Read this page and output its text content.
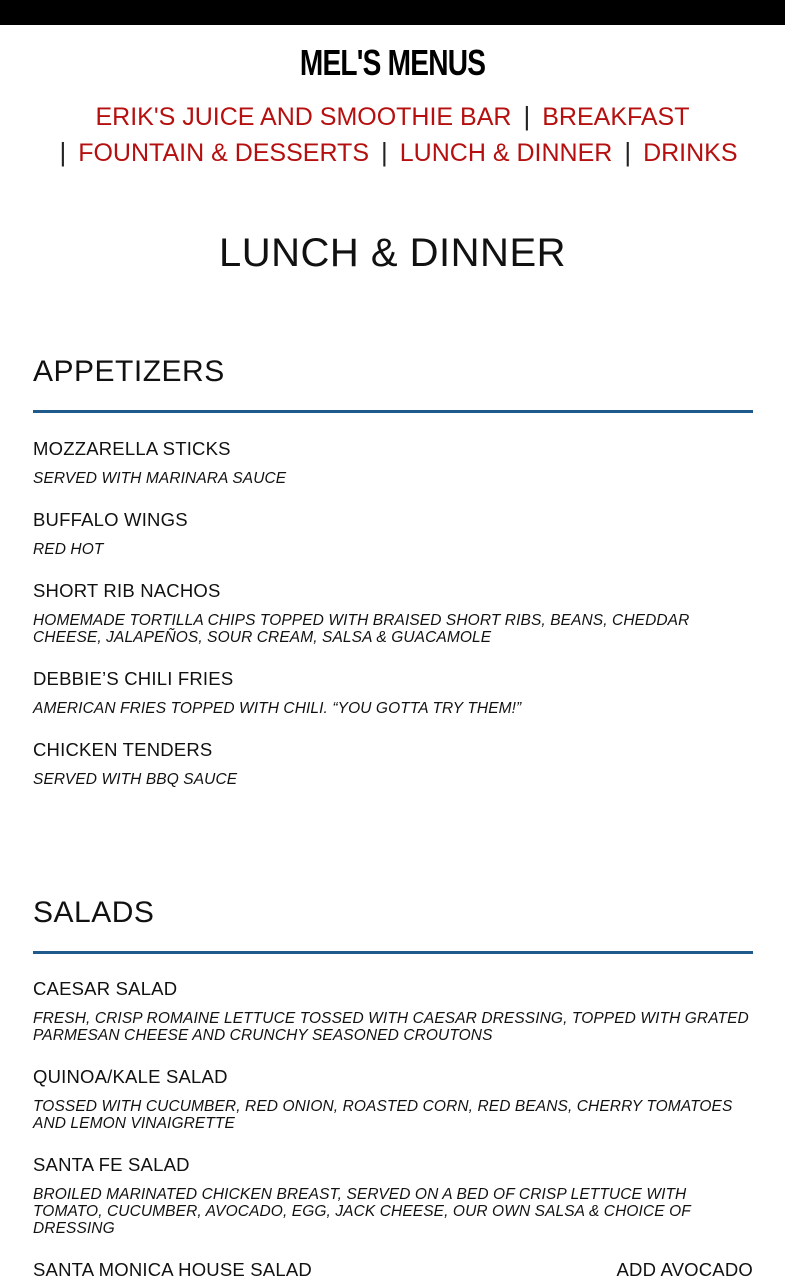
MEL'S MENUS
ERIK'S JUICE AND SMOOTHIE BAR | BREAKFAST
| FOUNTAIN & DESSERTS | LUNCH & DINNER | DRINKS
LUNCH & DINNER
APPETIZERS
MOZZARELLA STICKS
SERVED WITH MARINARA SAUCE
BUFFALO WINGS
RED HOT
SHORT RIB NACHOS
HOMEMADE TORTILLA CHIPS TOPPED WITH BRAISED SHORT RIBS, BEANS, CHEDDAR CHEESE, JALAPEÑOS, SOUR CREAM, SALSA & GUACAMOLE
DEBBIE’S CHILI FRIES
AMERICAN FRIES TOPPED WITH CHILI. “YOU GOTTA TRY THEM!”
CHICKEN TENDERS
SERVED WITH BBQ SAUCE
SALADS
CAESAR SALAD
FRESH, CRISP ROMAINE LETTUCE TOSSED WITH CAESAR DRESSING, TOPPED WITH GRATED PARMESAN CHEESE AND CRUNCHY SEASONED CROUTONS
QUINOA/KALE SALAD
TOSSED WITH CUCUMBER, RED ONION, ROASTED CORN, RED BEANS, CHERRY TOMATOES AND LEMON VINAIGRETTE
SANTA FE SALAD
BROILED MARINATED CHICKEN BREAST, SERVED ON A BED OF CRISP LETTUCE WITH TOMATO, CUCUMBER, AVOCADO, EGG, JACK CHEESE, OUR OWN SALSA & CHOICE OF DRESSING
SANTA MONICA HOUSE SALAD	ADD AVOCADO
